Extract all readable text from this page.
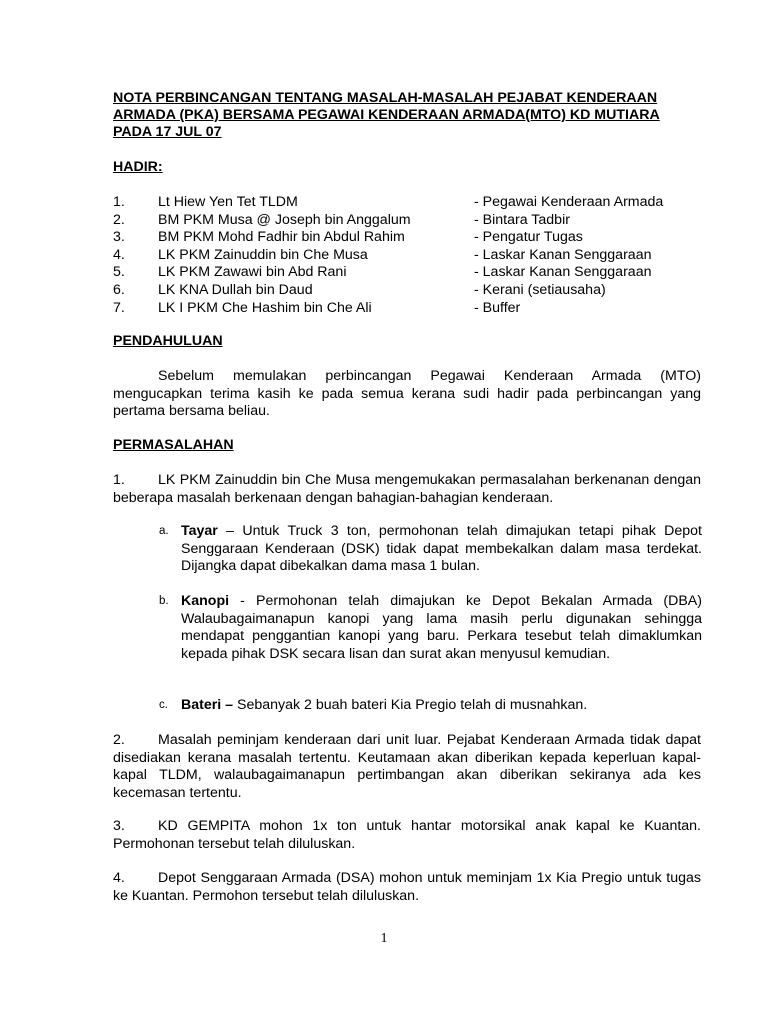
NOTA PERBINCANGAN TENTANG MASALAH-MASALAH PEJABAT KENDERAAN
ARMADA (PKA) BERSAMA PEGAWAI KENDERAAN ARMADA(MTO) KD MUTIARA
PADA 17 JUL 07
HADIR:
1. Lt Hiew Yen Tet TLDM	- Pegawai Kenderaan Armada
2. BM PKM Musa @ Joseph bin Anggalum	- Bintara Tadbir
3. BM PKM Mohd Fadhir bin Abdul Rahim	- Pengatur Tugas
4. LK PKM Zainuddin bin Che Musa	- Laskar Kanan Senggaraan
5. LK PKM Zawawi bin Abd Rani	- Laskar Kanan Senggaraan
6. LK KNA Dullah bin Daud	- Kerani (setiausaha)
7. LK I PKM Che Hashim bin Che Ali	- Buffer
PENDAHULUAN
Sebelum memulakan perbincangan Pegawai Kenderaan Armada (MTO) mengucapkan terima kasih ke pada semua kerana sudi hadir pada perbincangan yang pertama bersama beliau.
PERMASALAHAN
1. LK PKM Zainuddin bin Che Musa mengemukakan permasalahan berkenanan dengan beberapa masalah berkenaan dengan bahagian-bahagian kenderaan.
a. Tayar – Untuk Truck 3 ton, permohonan telah dimajukan tetapi pihak Depot Senggaraan Kenderaan (DSK) tidak dapat membekalkan dalam masa terdekat. Dijangka dapat dibekalkan dama masa 1 bulan.
b. Kanopi - Permohonan telah dimajukan ke Depot Bekalan Armada (DBA) Walaubagaimanapun kanopi yang lama masih perlu digunakan sehingga mendapat penggantian kanopi yang baru. Perkara tesebut telah dimaklumkan kepada pihak DSK secara lisan dan surat akan menyusul kemudian.
c. Bateri – Sebanyak 2 buah bateri Kia Pregio telah di musnahkan.
2. Masalah peminjam kenderaan dari unit luar. Pejabat Kenderaan Armada tidak dapat disediakan kerana masalah tertentu. Keutamaan akan diberikan kepada keperluan kapal-kapal TLDM, walaubagaimanapun pertimbangan akan diberikan sekiranya ada kes kecemasan tertentu.
3. KD GEMPITA mohon 1x ton untuk hantar motorsikal anak kapal ke Kuantan. Permohonan tersebut telah diluluskan.
4. Depot Senggaraan Armada (DSA) mohon untuk meminjam 1x Kia Pregio untuk tugas ke Kuantan. Permohon tersebut telah diluluskan.
1
